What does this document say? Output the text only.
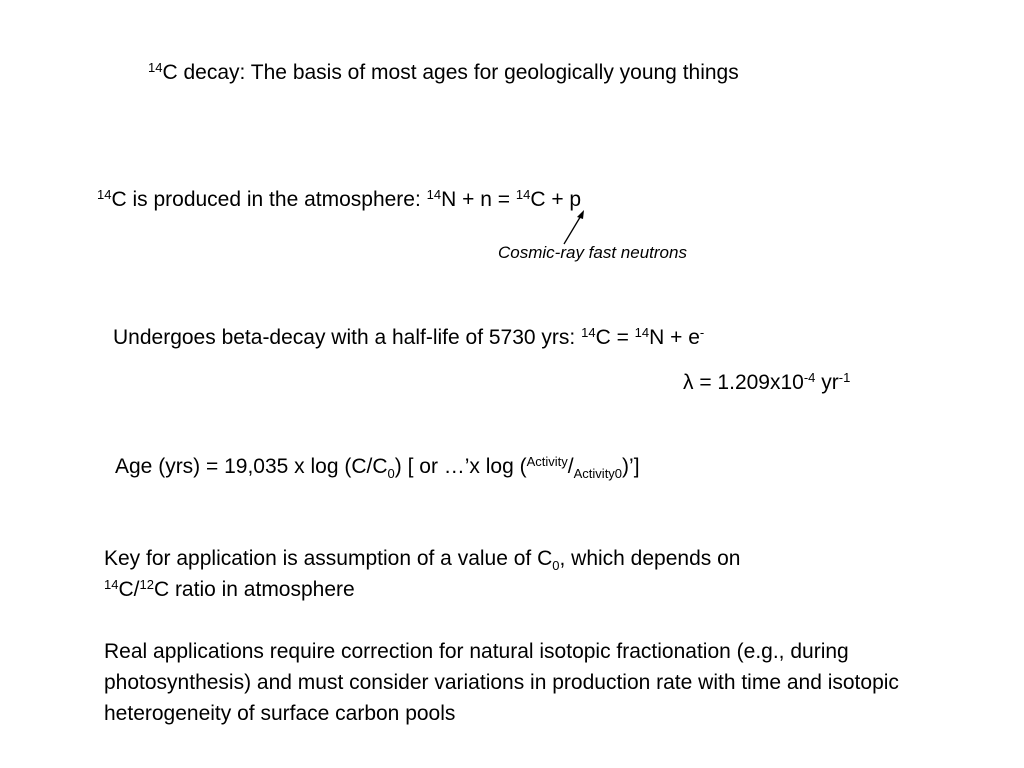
$^{14}$C decay: The basis of most ages for geologically young things
$^{14}$C is produced in the atmosphere: $^{14}$N + n = $^{14}$C + p
Cosmic-ray fast neutrons
Undergoes beta-decay with a half-life of 5730 yrs: $^{14}$C = $^{14}$N + e-
$\lambda = 1.209x10^{-4}$ $yr^{-1}$
Age (yrs) = 19,035 x $\log (C/C_0)$ [ or …’x $\log (^{Activity}/_{Activity0})$’]
Key for application is assumption of a value of $C_0$, which depends on
$^{14}$C/$^{12}$C ratio in atmosphere
Real applications require correction for natural isotopic fractionation (e.g., during photosynthesis) and must consider variations in production rate with time and isotopic heterogeneity of surface carbon pools
